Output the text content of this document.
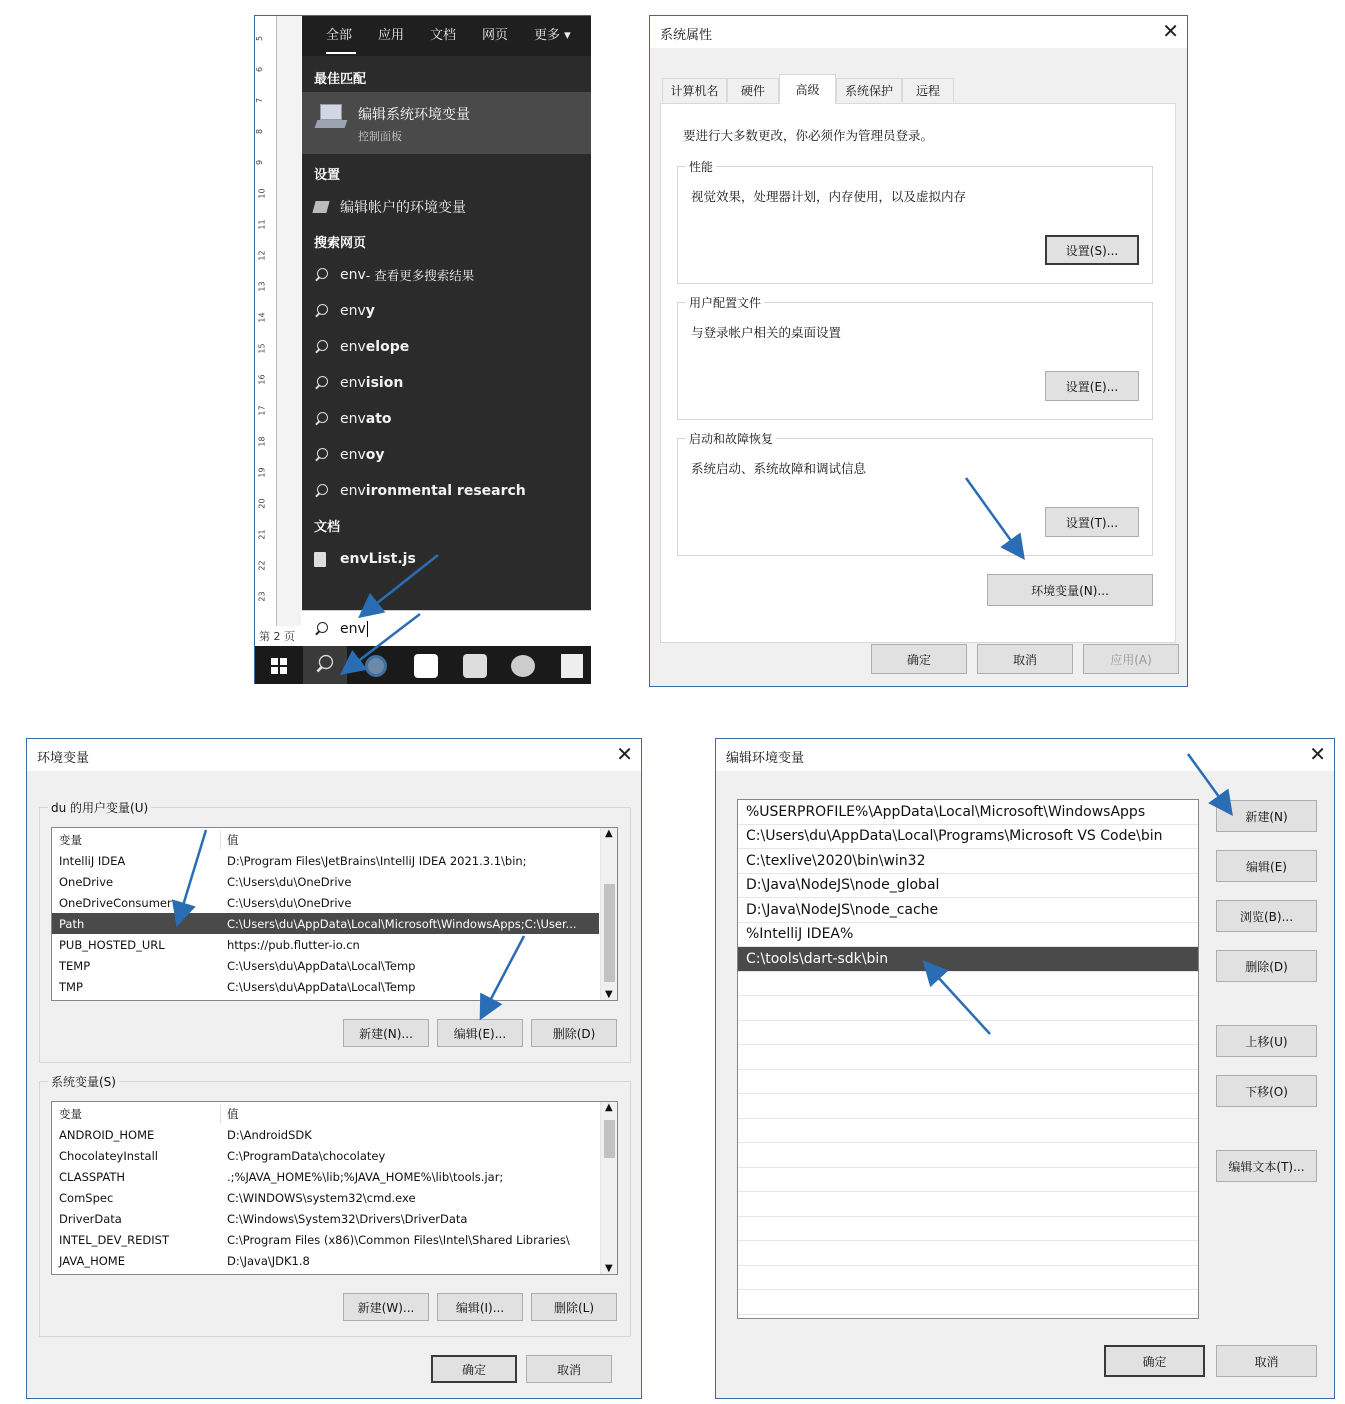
5
6
7
8
9
10
11
12
13
14
15
16
17
18
19
20
21
22
23
第 2 页
全部 应用 文档 网页 更多 ▾
最佳匹配
编辑系统环境变量
控制面板
设置
编辑帐户的环境变量
搜索网页
env - 查看更多搜索结果
env y
env elope
env ision
env ato
env oy
env ironmental research
文档
envList.js
env
系统属性	✕
要进行大多数更改，你必须作为管理员登录。
性能
视觉效果，处理器计划，内存使用，以及虚拟内存
设置(S)...
用户配置文件
与登录帐户相关的桌面设置
设置(E)...
启动和故障恢复
系统启动、系统故障和调试信息
设置(T)...
环境变量(N)...
确定	取消	应用(A)
计算机名	硬件	高级	系统保护	远程
环境变量	✕
du 的用户变量(U)
变量	值
IntelliJ IDEA	D:\Program Files\JetBrains\IntelliJ IDEA 2021.3.1\bin;
OneDrive	C:\Users\du\OneDrive
OneDriveConsumer	C:\Users\du\OneDrive
Path	C:\Users\du\AppData\Local\Microsoft\WindowsApps;C:\User...
PUB_HOSTED_URL	https://pub.flutter-io.cn
TEMP	C:\Users\du\AppData\Local\Temp
TMP	C:\Users\du\AppData\Local\Temp
▲
▼
新建(N)...	编辑(E)...	删除(D)
系统变量(S)
变量	值
ANDROID_HOME	D:\AndroidSDK
ChocolateyInstall	C:\ProgramData\chocolatey
CLASSPATH	.;%JAVA_HOME%\lib;%JAVA_HOME%\lib\tools.jar;
ComSpec	C:\WINDOWS\system32\cmd.exe
DriverData	C:\Windows\System32\Drivers\DriverData
INTEL_DEV_REDIST	C:\Program Files (x86)\Common Files\Intel\Shared Libraries\
JAVA_HOME	D:\Java\JDK1.8
▲
▼
新建(W)...	编辑(I)...	删除(L)
确定	取消
编辑环境变量	✕
%USERPROFILE%\AppData\Local\Microsoft\WindowsApps
C:\Users\du\AppData\Local\Programs\Microsoft VS Code\bin
C:\texlive\2020\bin\win32
D:\Java\NodeJS\node_global
D:\Java\NodeJS\node_cache
%IntelliJ IDEA%
C:\tools\dart-sdk\bin
新建(N)
编辑(E)
浏览(B)...
删除(D)
上移(U)
下移(O)
编辑文本(T)...
确定	取消
